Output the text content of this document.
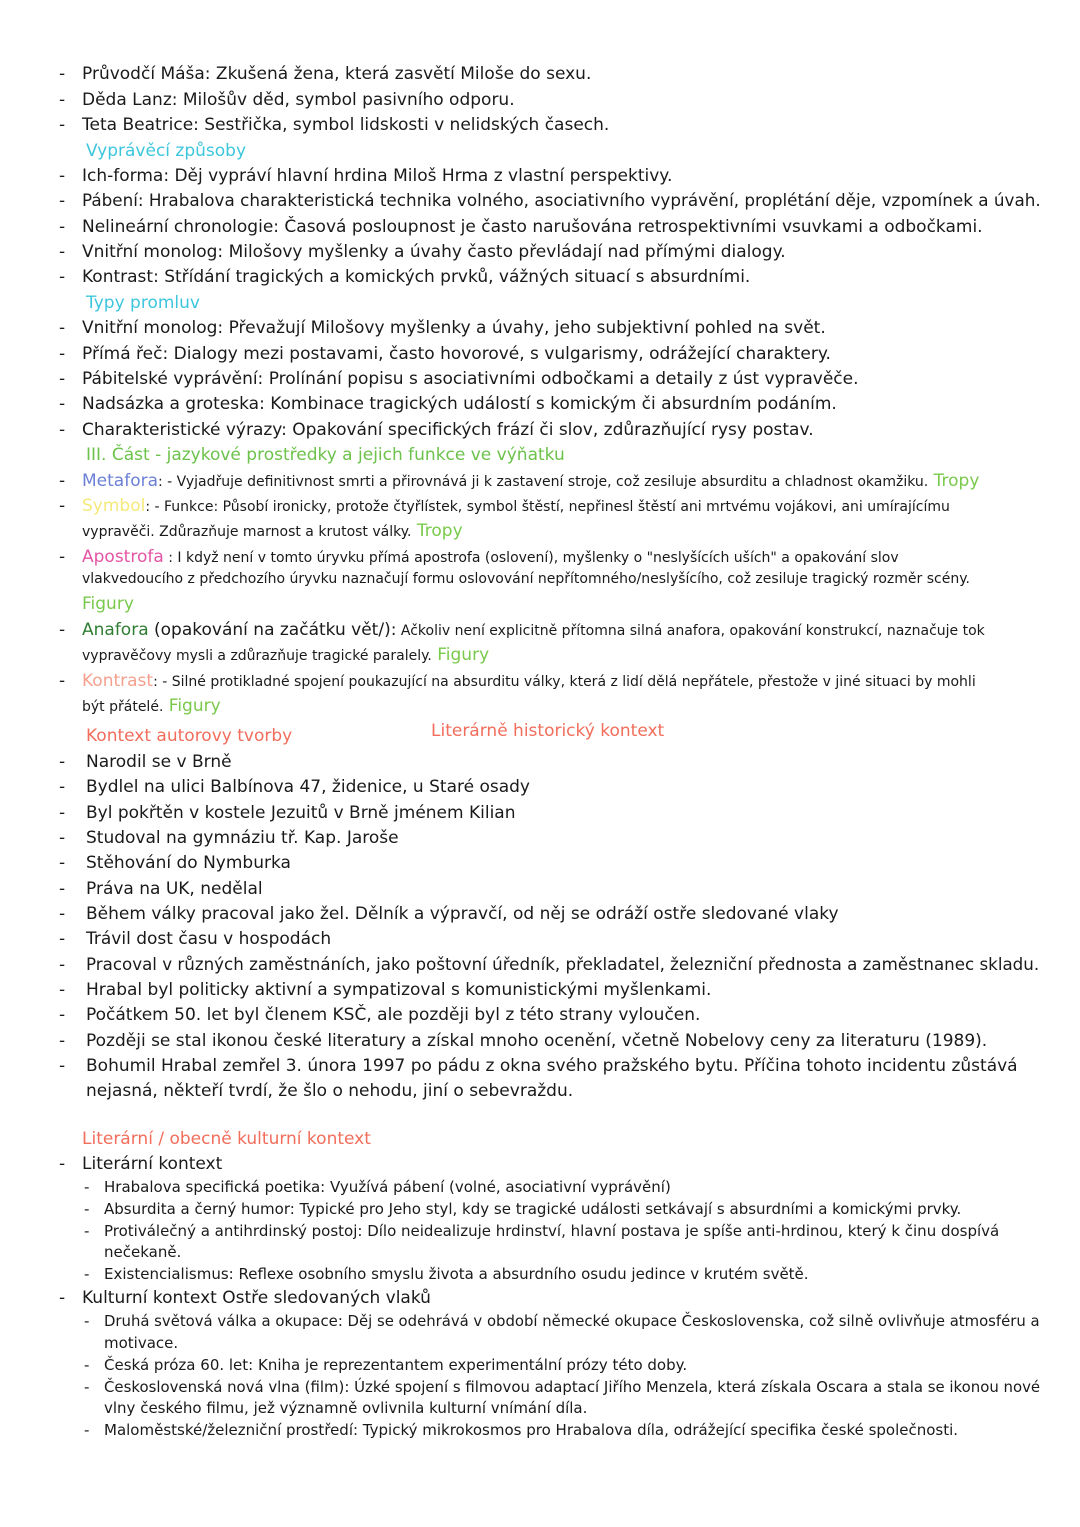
- Průvodčí Máša: Zkušená žena, která zasvětí Miloše do sexu.
- Děda Lanz: Milošův děd, symbol pasivního odporu.
- Teta Beatrice: Sestřička, symbol lidskosti v nelidských časech.
Vyprávěcí způsoby
- Ich-forma: Děj vypráví hlavní hrdina Miloš Hrma z vlastní perspektivy.
- Pábení: Hrabalova charakteristická technika volného, asociativního vyprávění, proplétání děje, vzpomínek a úvah.
- Nelineární chronologie: Časová posloupnost je často narušována retrospektivními vsuvkami a odbočkami.
- Vnitřní monolog: Milošovy myšlenky a úvahy často převládají nad přímými dialogy.
- Kontrast: Střídání tragických a komických prvků, vážných situací s absurdními.
Typy promluv
- Vnitřní monolog: Převažují Milošovy myšlenky a úvahy, jeho subjektivní pohled na svět.
- Přímá řeč: Dialogy mezi postavami, často hovorové, s vulgarismy, odrážející charaktery.
- Pábitelské vyprávění: Prolínání popisu s asociativními odbočkami a detaily z úst vypravěče.
- Nadsázka a groteska: Kombinace tragických událostí s komickým či absurdním podáním.
- Charakteristické výrazy: Opakování specifických frází či slov, zdůrazňující rysy postav.
III. Část - jazykové prostředky a jejich funkce ve výňatku
- Metafora: - Vyjadřuje definitivnost smrti a přirovnává ji k zastavení stroje, což zesiluje absurditu a chladnost okamžiku. Tropy
- Symbol: - Funkce: Působí ironicky, protože čtyřlístek, symbol štěstí, nepřinesl štěstí ani mrtvému vojákovi, ani umírajícímu
vypravěči. Zdůrazňuje marnost a krutost války. Tropy
- Apostrofa : I když není v tomto úryvku přímá apostrofa (oslovení), myšlenky o "neslyšících uších" a opakování slov
vlakvedoucího z předchozího úryvku naznačují formu oslovování nepřítomného/neslyšícího, což zesiluje tragický rozměr scény.
Figury
- Anafora (opakování na začátku vět/): Ačkoliv není explicitně přítomna silná anafora, opakování konstrukcí, naznačuje tok
vypravěčovy mysli a zdůrazňuje tragické paralely. Figury
- Kontrast: - Silné protikladné spojení poukazující na absurditu války, která z lidí dělá nepřátele, přestože v jiné situaci by mohli
být přátelé. Figury
Kontext autorovy tvorby	Literárně historický kontext
- Narodil se v Brně
- Bydlel na ulici Balbínova 47, židenice, u Staré osady
- Byl pokřtěn v kostele Jezuitů v Brně jménem Kilian
- Studoval na gymnáziu tř. Kap. Jaroše
- Stěhování do Nymburka
- Práva na UK, nedělal
- Během války pracoval jako žel. Dělník a výpravčí, od něj se odráží ostře sledované vlaky
- Trávil dost času v hospodách
- Pracoval v různých zaměstnáních, jako poštovní úředník, překladatel, železniční přednosta a zaměstnanec skladu.
- Hrabal byl politicky aktivní a sympatizoval s komunistickými myšlenkami.
- Počátkem 50. let byl členem KSČ, ale později byl z této strany vyloučen.
- Později se stal ikonou české literatury a získal mnoho ocenění, včetně Nobelovy ceny za literaturu (1989).
- Bohumil Hrabal zemřel 3. února 1997 po pádu z okna svého pražského bytu. Příčina tohoto incidentu zůstává
nejasná, někteří tvrdí, že šlo o nehodu, jiní o sebevraždu.
Literární / obecně kulturní kontext
- Literární kontext
- Hrabalova specifická poetika: Využívá pábení (volné, asociativní vyprávění)
- Absurdita a černý humor: Typické pro Jeho styl, kdy se tragické události setkávají s absurdními a komickými prvky.
- Protiválečný a antihrdinský postoj: Dílo neidealizuje hrdinství, hlavní postava je spíše anti-hrdinou, který k činu dospívá
nečekaně.
- Existencialismus: Reflexe osobního smyslu života a absurdního osudu jedince v krutém světě.
- Kulturní kontext Ostře sledovaných vlaků
- Druhá světová válka a okupace: Děj se odehrává v období německé okupace Československa, což silně ovlivňuje atmosféru a
motivace.
- Česká próza 60. let: Kniha je reprezentantem experimentální prózy této doby.
- Československá nová vlna (film): Úzké spojení s filmovou adaptací Jiřího Menzela, která získala Oscara a stala se ikonou nové
vlny českého filmu, jež významně ovlivnila kulturní vnímání díla.
- Maloměstské/železniční prostředí: Typický mikrokosmos pro Hrabalova díla, odrážející specifika české společnosti.
